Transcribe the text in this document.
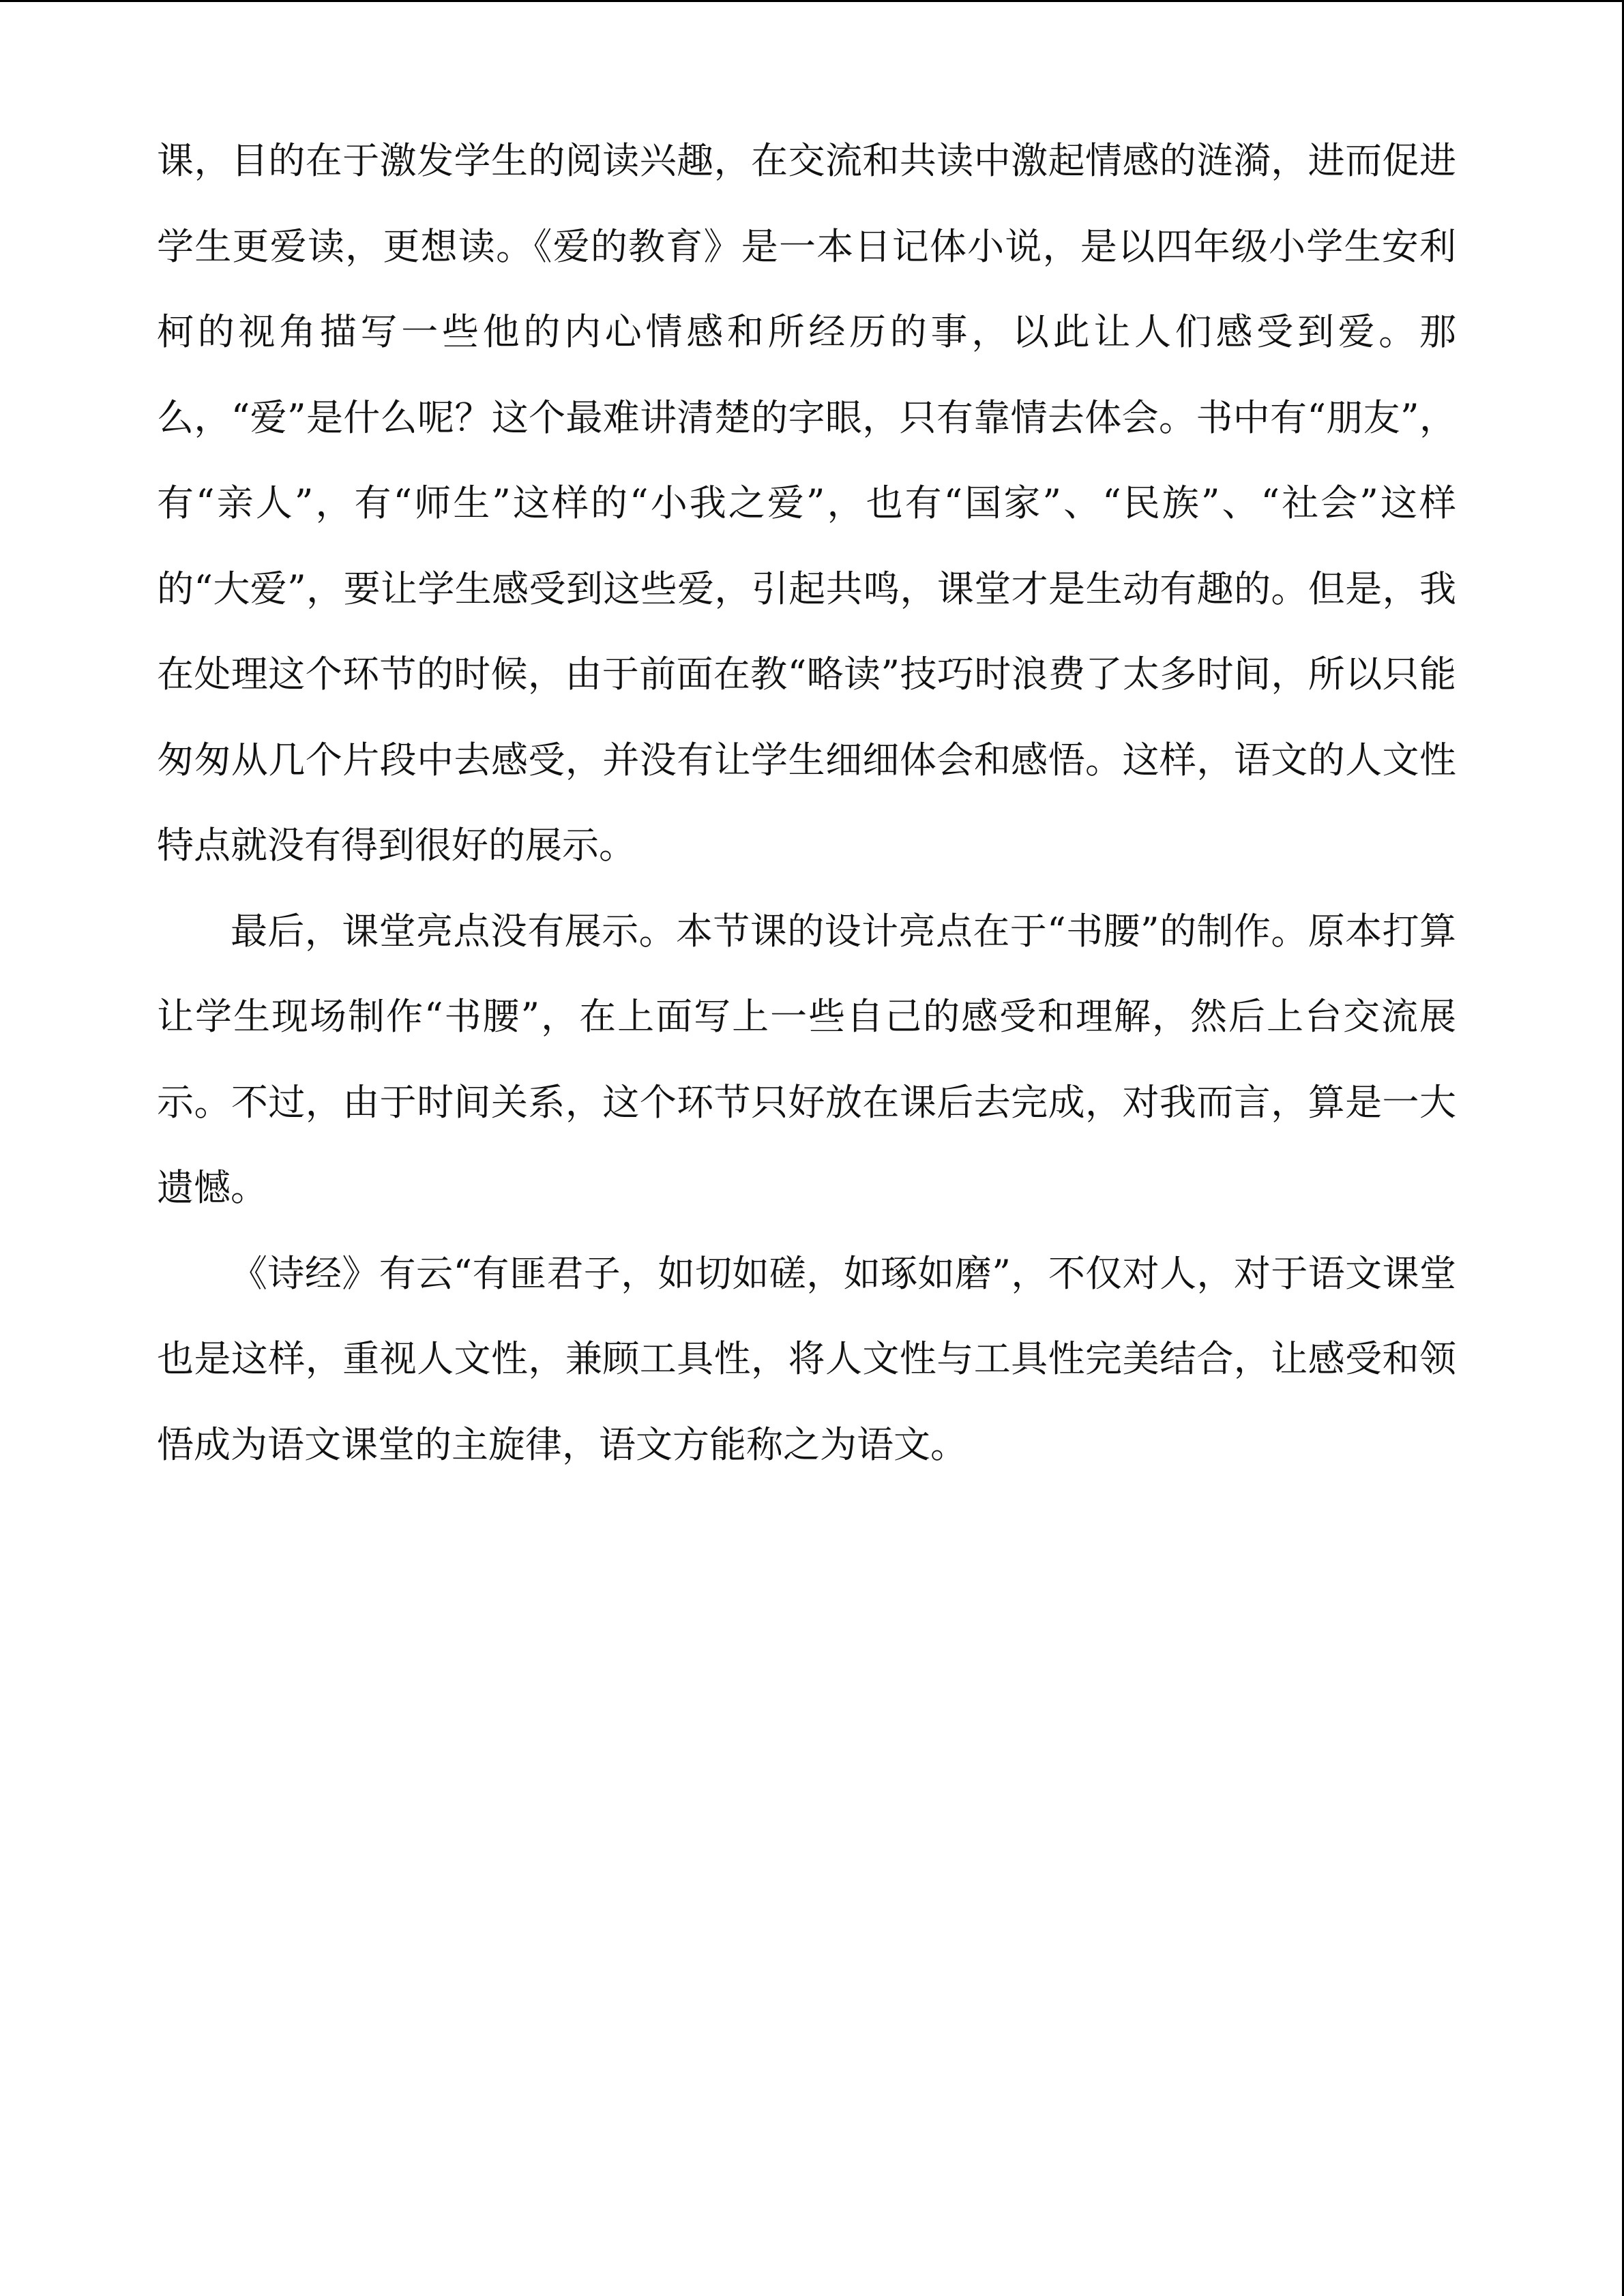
课，目的在于激发学生的阅读兴趣，在交流和共读中激起情感的涟漪，进而促进学生更爱读，更想读。《爱的教育》是一本日记体小说，是以四年级小学生安利柯的视角描写一些他的内心情感和所经历的事，以此让人们感受到爱。那么，“爱”是什么呢？这个最难讲清楚的字眼，只有靠情去体会。书中有“朋友”，有“亲人”，有“师生”这样的“小我之爱”，也有“国家”、“民族”、“社会”这样的“大爱”，要让学生感受到这些爱，引起共鸣，课堂才是生动有趣的。但是，我在处理这个环节的时候，由于前面在教“略读”技巧时浪费了太多时间，所以只能匆匆从几个片段中去感受，并没有让学生细细体会和感悟。这样，语文的人文性特点就没有得到很好的展示。

最后，课堂亮点没有展示。本节课的设计亮点在于“书腰”的制作。原本打算让学生现场制作“书腰”，在上面写上一些自己的感受和理解，然后上台交流展示。不过，由于时间关系，这个环节只好放在课后去完成，对我而言，算是一大遗憾。

《诗经》有云“有匪君子，如切如磋，如琢如磨”，不仅对人，对于语文课堂也是这样，重视人文性，兼顾工具性，将人文性与工具性完美结合，让感受和领悟成为语文课堂的主旋律，语文方能称之为语文。
